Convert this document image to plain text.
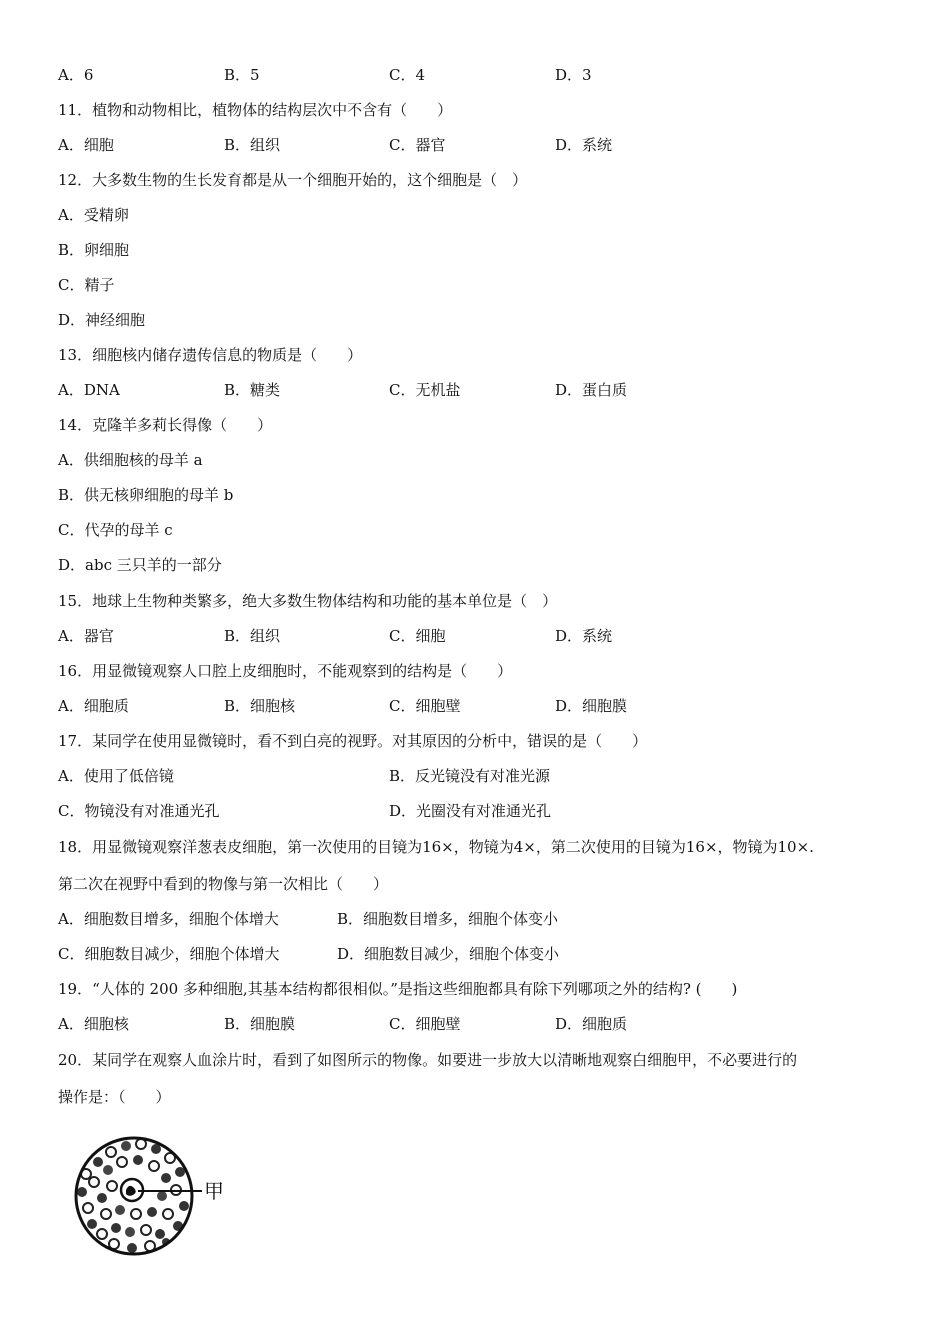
A．6	B．5	C．4	D．3
11．植物和动物相比，植物体的结构层次中不含有（　　）
A．细胞	B．组织	C．器官	D．系统
12．大多数生物的生长发育都是从一个细胞开始的，这个细胞是（　）
A．受精卵
B．卵细胞
C．精子
D．神经细胞
13．细胞核内储存遗传信息的物质是（　　）
A．DNA	B．糖类	C．无机盐	D．蛋白质
14．克隆羊多莉长得像（　　）
A．供细胞核的母羊 a
B．供无核卵细胞的母羊 b
C．代孕的母羊 c
D．abc 三只羊的一部分
15．地球上生物种类繁多，绝大多数生物体结构和功能的基本单位是（　）
A．器官	B．组织	C．细胞	D．系统
16．用显微镜观察人口腔上皮细胞时，不能观察到的结构是（　　）
A．细胞质	B．细胞核	C．细胞壁	D．细胞膜
17．某同学在使用显微镜时，看不到白亮的视野。对其原因的分析中，错误的是（　　）
A．使用了低倍镜	B．反光镜没有对准光源
C．物镜没有对准通光孔	D．光圈没有对准通光孔
18．用显微镜观察洋葱表皮细胞，第一次使用的目镜为16×，物镜为4×，第二次使用的目镜为16×，物镜为10×.
第二次在视野中看到的物像与第一次相比（　　）
A．细胞数目增多，细胞个体增大	B．细胞数目增多，细胞个体变小
C．细胞数目减少，细胞个体增大	D．细胞数目减少，细胞个体变小
19．“人体的 200 多种细胞,其基本结构都很相似。”是指这些细胞都具有除下列哪项之外的结构? (　　)
A．细胞核	B．细胞膜	C．细胞壁	D．细胞质
20．某同学在观察人血涂片时，看到了如图所示的物像。如要进一步放大以清晰地观察白细胞甲，不必要进行的
操作是：（　　）
甲
